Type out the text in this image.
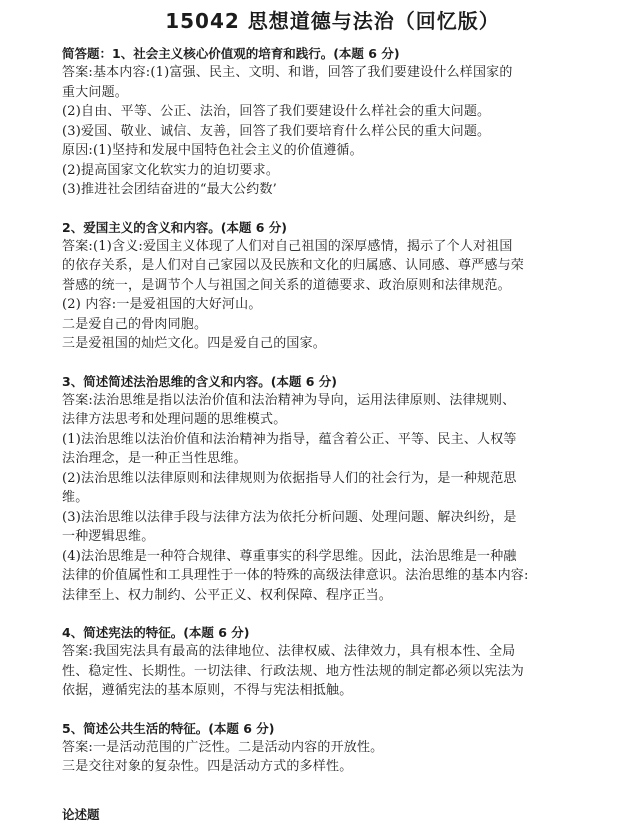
15042 思想道德与法治（回忆版）

简答题：1、社会主义核心价值观的培育和践行。(本题 6 分)

答案:基本内容:(1)富强、民主、文明、和谐，回答了我们要建设什么样国家的

重大问题。

(2)自由、平等、公正、法治，回答了我们要建设什么样社会的重大问题。

(3)爱国、敬业、诚信、友善，回答了我们要培育什么样公民的重大问题。

原因:(1)坚持和发展中国特色社会主义的价值遵循。

(2)提高国家文化软实力的迫切要求。

(3)推进社会团结奋进的“最大公约数’

2、爱国主义的含义和内容。(本题 6 分)

答案:(1)含义:爱国主义体现了人们对自己祖国的深厚感情，揭示了个人对祖国

的依存关系，是人们对自己家园以及民族和文化的归属感、认同感、尊严感与荣

誉感的统一，是调节个人与祖国之间关系的道德要求、政治原则和法律规范。

(2) 内容:一是爱祖国的大好河山。

二是爱自己的骨肉同胞。

三是爱祖国的灿烂文化。四是爱自己的国家。

3、简述简述法治思维的含义和内容。(本题 6 分)

答案:法治思维是指以法治价值和法治精神为导向，运用法律原则、法律规则、

法律方法思考和处理问题的思维模式。

(1)法治思维以法治价值和法治精神为指导，蕴含着公正、平等、民主、人权等

法治理念，是一种正当性思维。

(2)法治思维以法律原则和法律规则为依据指导人们的社会行为，是一种规范思

维。

(3)法治思维以法律手段与法律方法为依托分析问题、处理问题、解决纠纷，是

一种逻辑思维。

(4)法治思维是一种符合规律、尊重事实的科学思维。因此，法治思维是一种融

法律的价值属性和工具理性于一体的特殊的高级法律意识。法治思维的基本内容:

法律至上、权力制约、公平正义、权利保障、程序正当。

4、简述宪法的特征。(本题 6 分)

答案:我国宪法具有最高的法律地位、法律权威、法律效力，具有根本性、全局

性、稳定性、长期性。一切法律、行政法规、地方性法规的制定都必须以宪法为

依据，遵循宪法的基本原则，不得与宪法相抵触。

5、简述公共生活的特征。(本题 6 分)

答案:一是活动范围的广泛性。二是活动内容的开放性。

三是交往对象的复杂性。四是活动方式的多样性。

论述题
